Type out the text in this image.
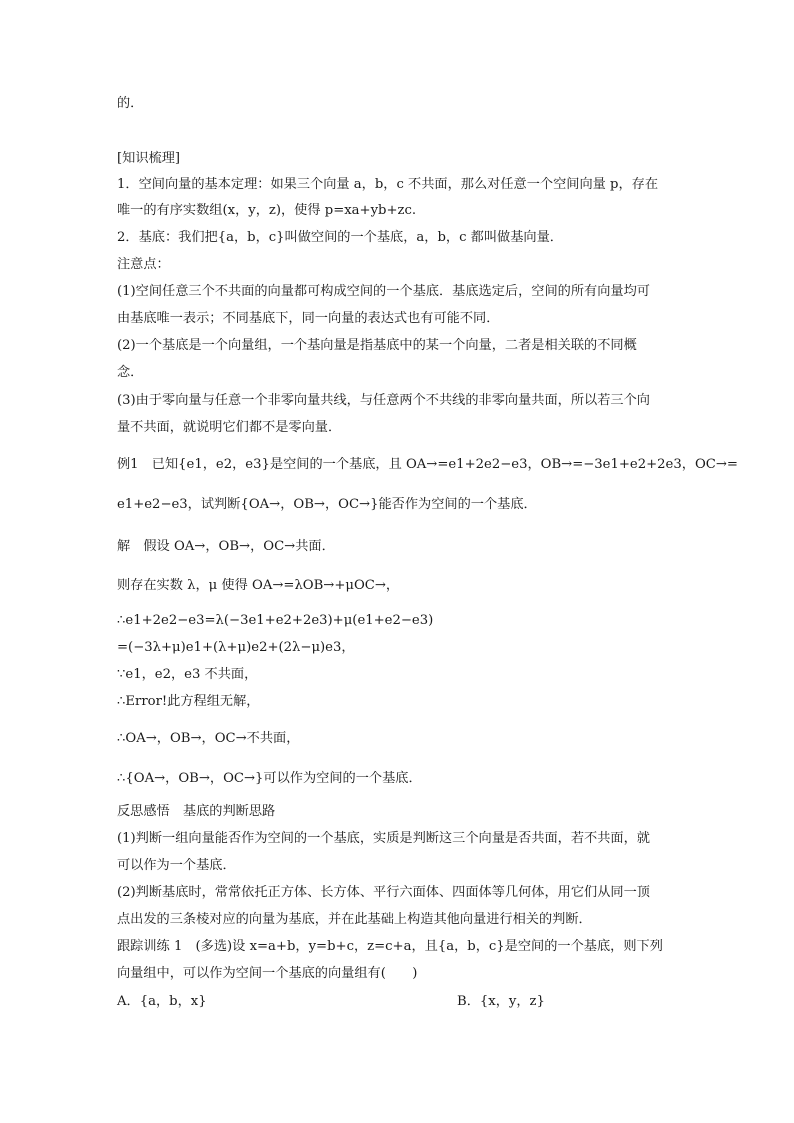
的．
[知识梳理]
1．空间向量的基本定理：如果三个向量 a，b，c 不共面，那么对任意一个空间向量 p，存在
唯一的有序实数组(x，y，z)，使得 p=xa+yb+zc.
2．基底：我们把{a，b，c}叫做空间的一个基底，a，b，c 都叫做基向量．
注意点：
(1)空间任意三个不共面的向量都可构成空间的一个基底．基底选定后，空间的所有向量均可
由基底唯一表示；不同基底下，同一向量的表达式也有可能不同．
(2)一个基底是一个向量组，一个基向量是指基底中的某一个向量，二者是相关联的不同概
念．
(3)由于零向量与任意一个非零向量共线，与任意两个不共线的非零向量共面，所以若三个向
量不共面，就说明它们都不是零向量．
例1　已知{e1，e2，e3}是空间的一个基底，且 OA→=e1+2e2−e3，OB→=−3e1+e2+2e3，OC→=
e1+e2−e3，试判断{OA→，OB→，OC→}能否作为空间的一个基底．
解　假设 OA→，OB→，OC→共面．
则存在实数 λ，μ 使得 OA→=λOB→+μOC→，
∴e1+2e2−e3=λ(−3e1+e2+2e3)+μ(e1+e2−e3)
=(−3λ+μ)e1+(λ+μ)e2+(2λ−μ)e3，
∵e1，e2，e3 不共面，
∴Error!此方程组无解，
∴OA→，OB→，OC→不共面，
∴{OA→，OB→，OC→}可以作为空间的一个基底．
反思感悟　基底的判断思路
(1)判断一组向量能否作为空间的一个基底，实质是判断这三个向量是否共面，若不共面，就
可以作为一个基底．
(2)判断基底时，常常依托正方体、长方体、平行六面体、四面体等几何体，用它们从同一顶
点出发的三条棱对应的向量为基底，并在此基础上构造其他向量进行相关的判断．
跟踪训练 1　(多选)设 x=a+b，y=b+c，z=c+a，且{a，b，c}是空间的一个基底，则下列
向量组中，可以作为空间一个基底的向量组有(　　)
A．{a，b，x}	B．{x，y，z}
